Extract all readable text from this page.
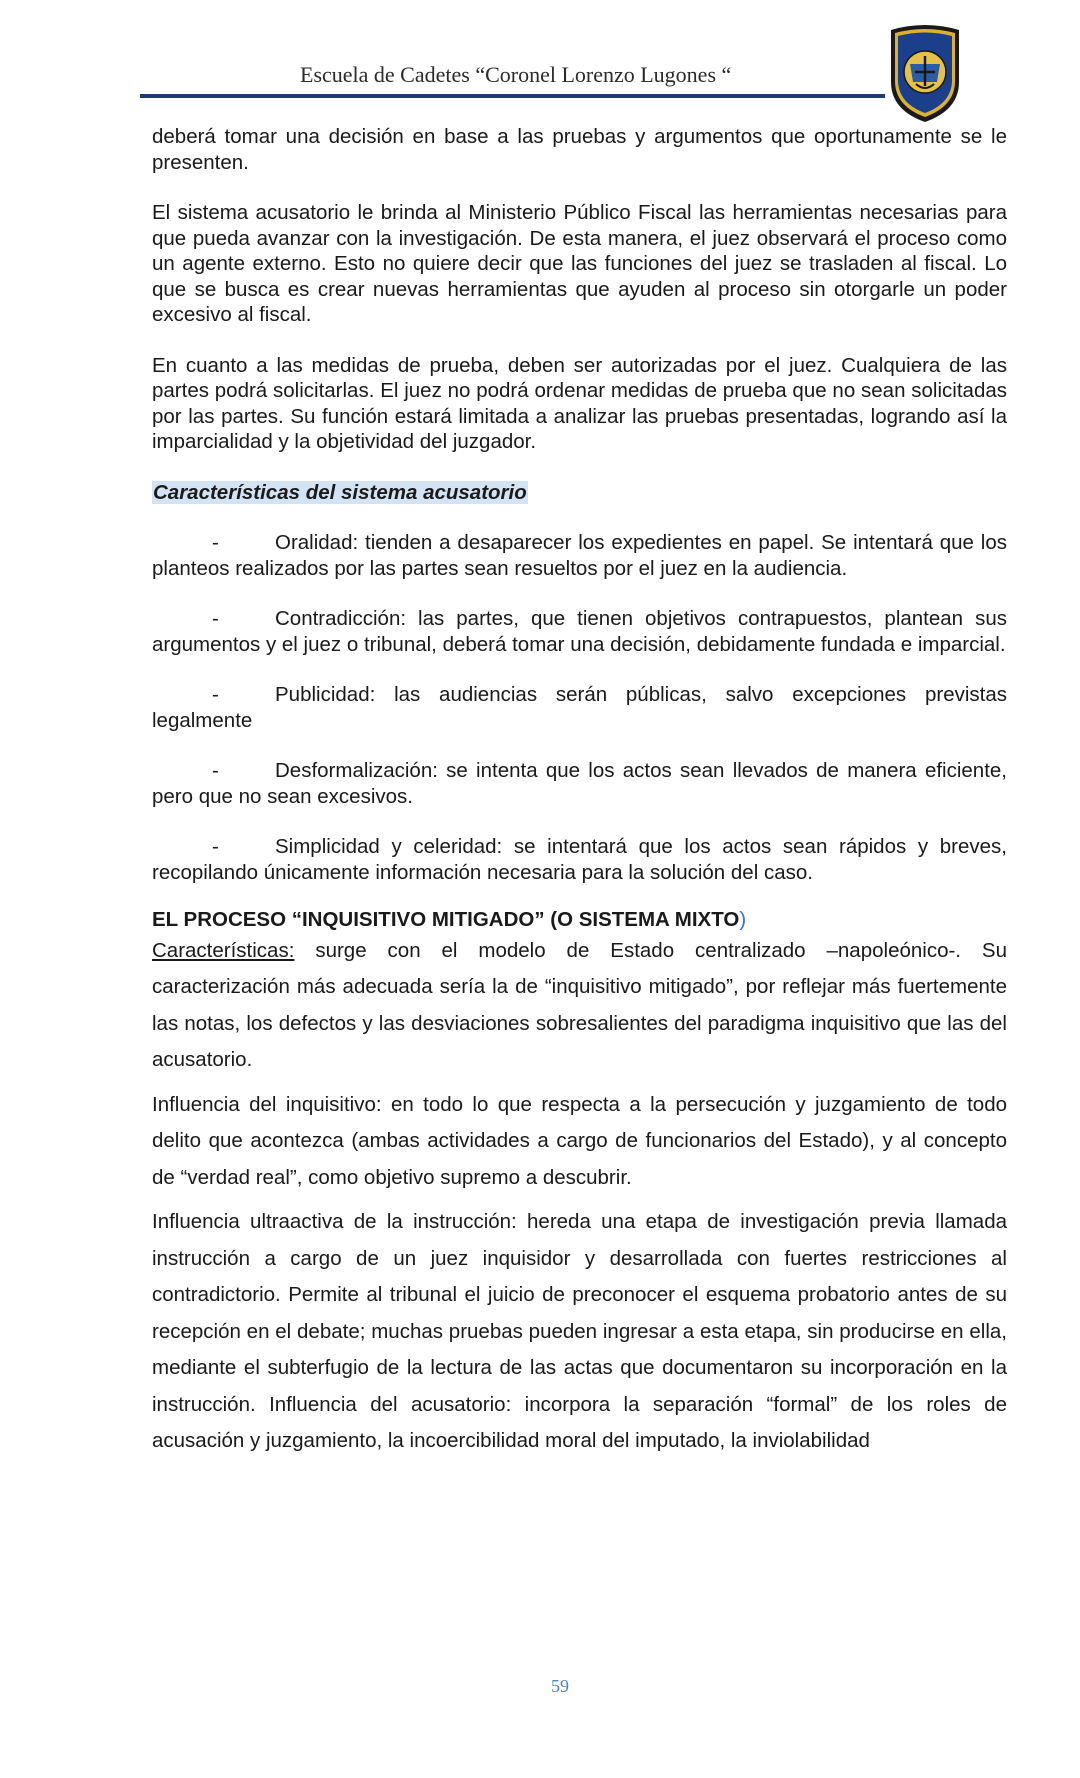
Escuela de Cadetes “Coronel Lorenzo Lugones “

deberá tomar una decisión en base a las pruebas y argumentos que oportunamente se le presenten.

El sistema acusatorio le brinda al Ministerio Público Fiscal las herramientas necesarias para que pueda avanzar con la investigación. De esta manera, el juez observará el proceso como un agente externo. Esto no quiere decir que las funciones del juez se trasladen al fiscal. Lo que se busca es crear nuevas herramientas que ayuden al proceso sin otorgarle un poder excesivo al fiscal.

En cuanto a las medidas de prueba, deben ser autorizadas por el juez. Cualquiera de las partes podrá solicitarlas. El juez no podrá ordenar medidas de prueba que no sean solicitadas por las partes. Su función estará limitada a analizar las pruebas presentadas, logrando así la imparcialidad y la objetividad del juzgador.

Características del sistema acusatorio

-	Oralidad: tienden a desaparecer los expedientes en papel. Se intentará que los planteos realizados por las partes sean resueltos por el juez en la audiencia.

-	Contradicción: las partes, que tienen objetivos contrapuestos, plantean sus argumentos y el juez o tribunal, deberá tomar una decisión, debidamente fundada e imparcial.

-	Publicidad: las audiencias serán públicas, salvo excepciones previstas legalmente

-	Desformalización: se intenta que los actos sean llevados de manera eficiente, pero que no sean excesivos.

-	Simplicidad y celeridad: se intentará que los actos sean rápidos y breves, recopilando únicamente información necesaria para la solución del caso.

EL PROCESO “INQUISITIVO MITIGADO” (O SISTEMA MIXTO)

Características: surge con el modelo de Estado centralizado –napoleónico-. Su caracterización más adecuada sería la de “inquisitivo mitigado”, por reflejar más fuertemente las notas, los defectos y las desviaciones sobresalientes del paradigma inquisitivo que las del acusatorio.

Influencia del inquisitivo: en todo lo que respecta a la persecución y juzgamiento de todo delito que acontezca (ambas actividades a cargo de funcionarios del Estado), y al concepto de “verdad real”, como objetivo supremo a descubrir.

Influencia ultraactiva de la instrucción: hereda una etapa de investigación previa llamada instrucción a cargo de un juez inquisidor y desarrollada con fuertes restricciones al contradictorio. Permite al tribunal el juicio de preconocer el esquema probatorio antes de su recepción en el debate; muchas pruebas pueden ingresar a esta etapa, sin producirse en ella, mediante el subterfugio de la lectura de las actas que documentaron su incorporación en la instrucción. Influencia del acusatorio: incorpora la separación “formal” de los roles de acusación y juzgamiento, la incoercibilidad moral del imputado, la inviolabilidad

59
